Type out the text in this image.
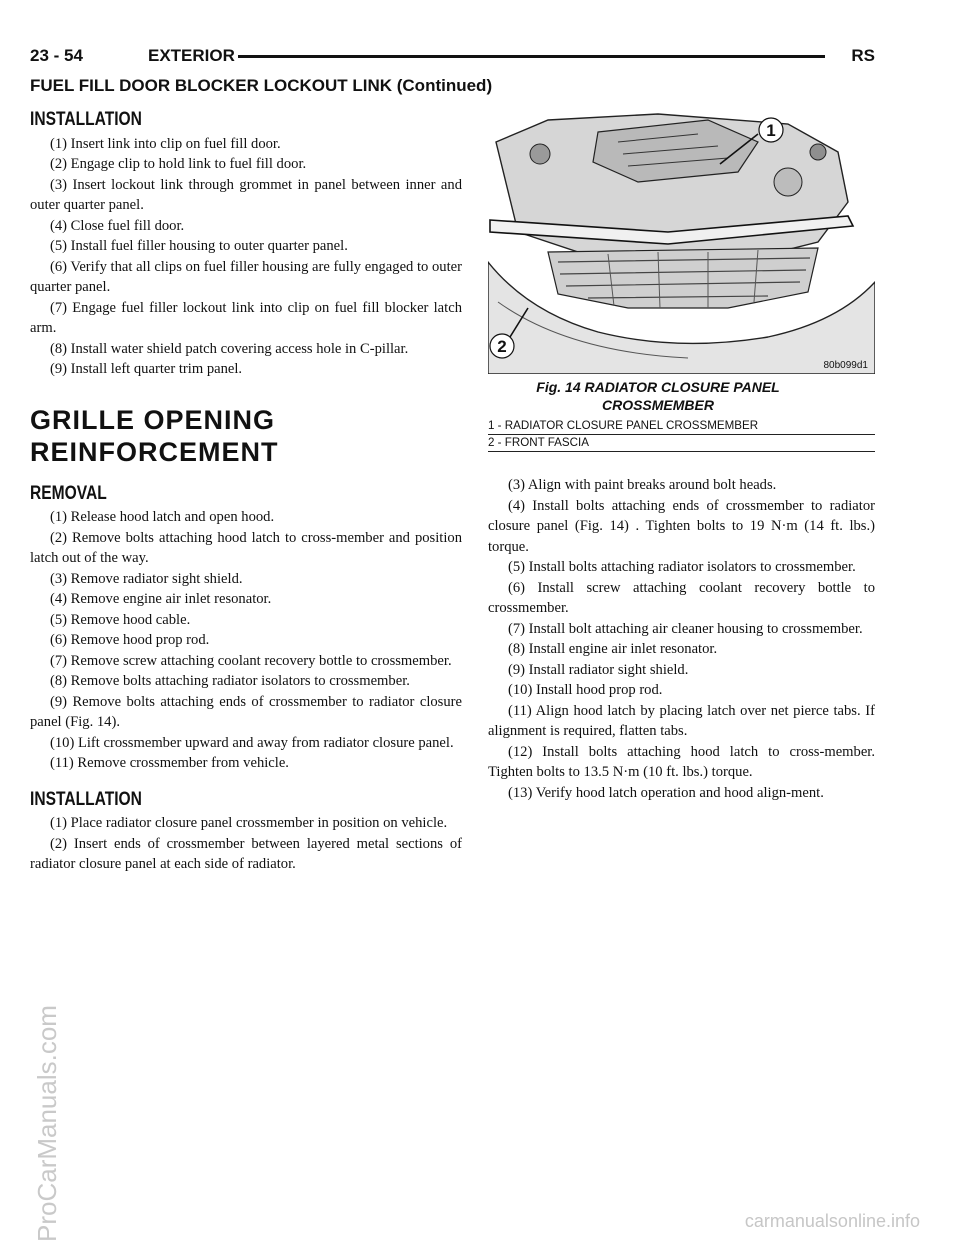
23 - 54	EXTERIOR	RS
FUEL FILL DOOR BLOCKER LOCKOUT LINK (Continued)
INSTALLATION

(1) Insert link into clip on fuel fill door.

(2) Engage clip to hold link to fuel fill door.

(3) Insert lockout link through grommet in panel between inner and outer quarter panel.

(4) Close fuel fill door.

(5) Install fuel filler housing to outer quarter panel.

(6) Verify that all clips on fuel filler housing are fully engaged to outer quarter panel.

(7) Engage fuel filler lockout link into clip on fuel fill blocker latch arm.

(8) Install water shield patch covering access hole in C-pillar.

(9) Install left quarter trim panel.

GRILLE OPENING
REINFORCEMENT
REMOVAL

(1) Release hood latch and open hood.

(2) Remove bolts attaching hood latch to cross-member and position latch out of the way.

(3) Remove radiator sight shield.

(4) Remove engine air inlet resonator.

(5) Remove hood cable.

(6) Remove hood prop rod.

(7) Remove screw attaching coolant recovery bottle to crossmember.

(8) Remove bolts attaching radiator isolators to crossmember.

(9) Remove bolts attaching ends of crossmember to radiator closure panel (Fig. 14).

(10) Lift crossmember upward and away from radiator closure panel.

(11) Remove crossmember from vehicle.

INSTALLATION

(1) Place radiator closure panel crossmember in position on vehicle.

(2) Insert ends of crossmember between layered metal sections of radiator closure panel at each side of radiator.

1
2
80b099d1
Fig. 14 RADIATOR CLOSURE PANEL
CROSSMEMBER
1 - RADIATOR CLOSURE PANEL CROSSMEMBER
2 - FRONT FASCIA

(3) Align with paint breaks around bolt heads.

(4) Install bolts attaching ends of crossmember to radiator closure panel (Fig. 14) . Tighten bolts to 19 N·m (14 ft. lbs.) torque.

(5) Install bolts attaching radiator isolators to crossmember.

(6) Install screw attaching coolant recovery bottle to crossmember.

(7) Install bolt attaching air cleaner housing to crossmember.

(8) Install engine air inlet resonator.

(9) Install radiator sight shield.

(10) Install hood prop rod.

(11) Align hood latch by placing latch over net pierce tabs. If alignment is required, flatten tabs.

(12) Install bolts attaching hood latch to cross-member. Tighten bolts to 13.5 N·m (10 ft. lbs.) torque.

(13) Verify hood latch operation and hood align-ment.

ProCarManuals.com	carmanualsonline.info
